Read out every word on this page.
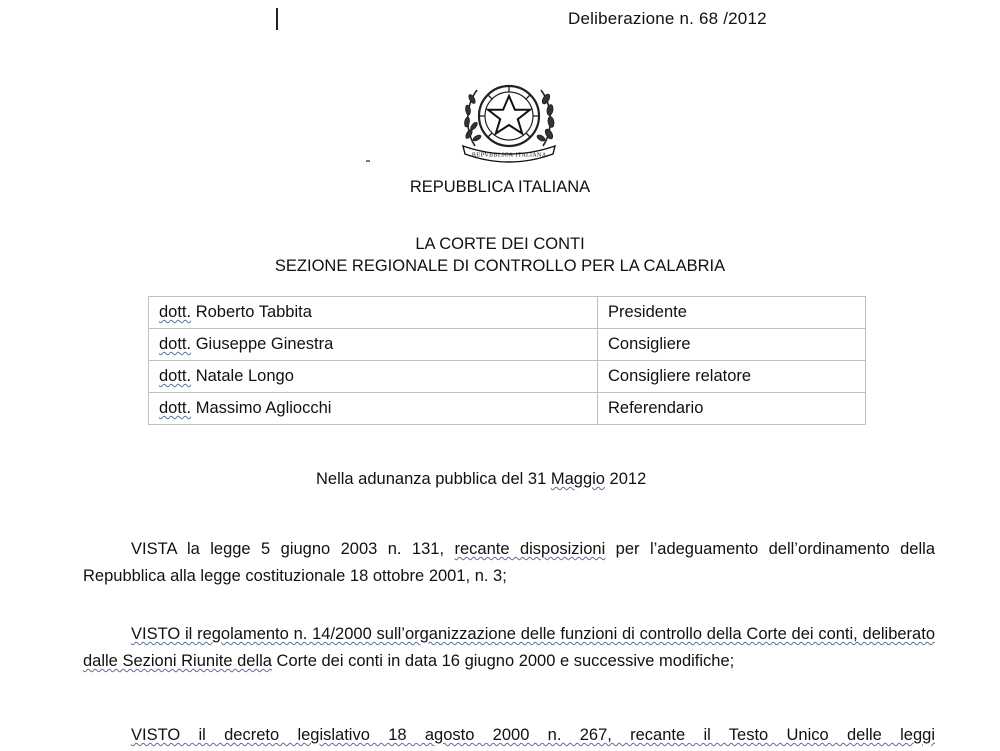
Deliberazione n. 68 /2012
REPVBBLICA ITALIANA
REPUBBLICA ITALIANA
LA CORTE DEI CONTI
SEZIONE REGIONALE DI CONTROLLO PER LA CALABRIA
dott. Roberto Tabbita	Presidente
dott. Giuseppe Ginestra	Consigliere
dott. Natale Longo	Consigliere relatore
dott. Massimo Agliocchi	Referendario
Nella adunanza pubblica del 31 Maggio 2012
VISTA la legge 5 giugno 2003 n. 131, recante disposizioni per l’adeguamento dell’ordinamento della Repubblica alla legge costituzionale 18 ottobre 2001, n. 3;
VISTO il regolamento n. 14/2000 sull’organizzazione delle funzioni di controllo della Corte dei conti, deliberato dalle Sezioni Riunite della Corte dei conti in data 16 giugno 2000 e successive modifiche;
VISTO il decreto legislativo 18 agosto 2000 n. 267, recante il Testo Unico delle leggi
